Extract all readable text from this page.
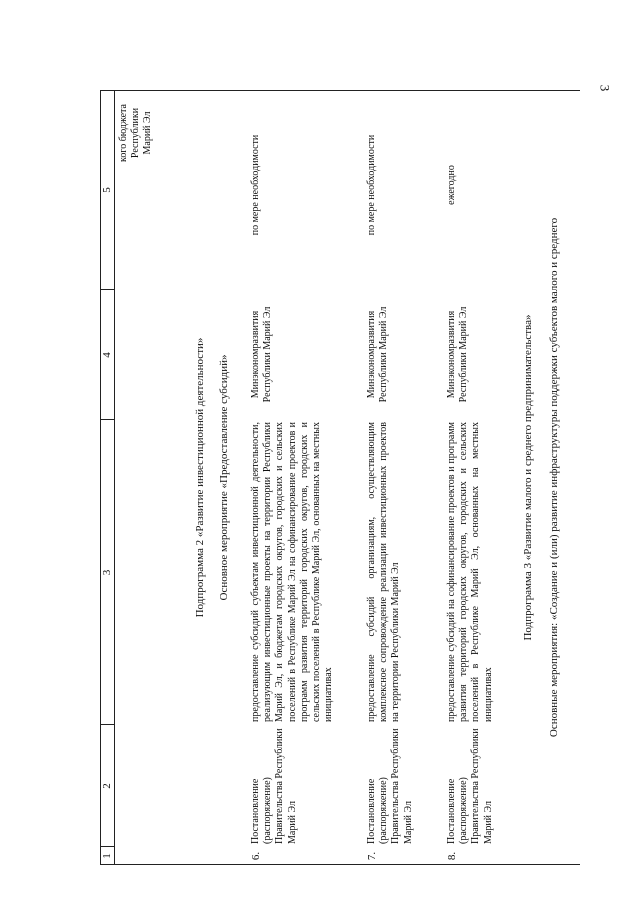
3
1
2
3
4
5
кого бюджета Республики Марий Эл
Подпрограмма 2 «Развитие инвестиционной деятельности» Основное мероприятие «Предоставление субсидий»
6.
Постановление (распоряжение) Правительства Республики Марий Эл
предоставление субсидий субъектам инвестиционной деятельности, реализующим инвестиционные проекты на территории Республики Марий Эл, и бюджетам городских округов, городских и сельских поселений в Республике Марий Эл на софинансирование проектов и программ развития территорий городских округов, городских и сельских поселений в Республике Марий Эл, основанных на местных инициативах
Минэкономразвития Республики Марий Эл
по мере необходимости
7.
Постановление (распоряжение) Правительства Республики Марий Эл
предоставление субсидий организациям, осуществляющим комплексное сопровождение реализации инвестиционных проектов на территории Республики Марий Эл
Минэкономразвития Республики Марий Эл
по мере необходимости
8.
Постановление (распоряжение) Правительства Республики Марий Эл
предоставление субсидий на софинансирование проектов и программ развития территорий городских округов, городских и сельских поселений в Республике Марий Эл, основанных на местных инициативах
Минэкономразвития Республики Марий Эл
ежегодно
Подпрограмма 3 «Развитие малого и среднего предпринимательства» Основные мероприятия: «Создание и (или) развитие инфраструктуры поддержки субъектов малого и среднего
